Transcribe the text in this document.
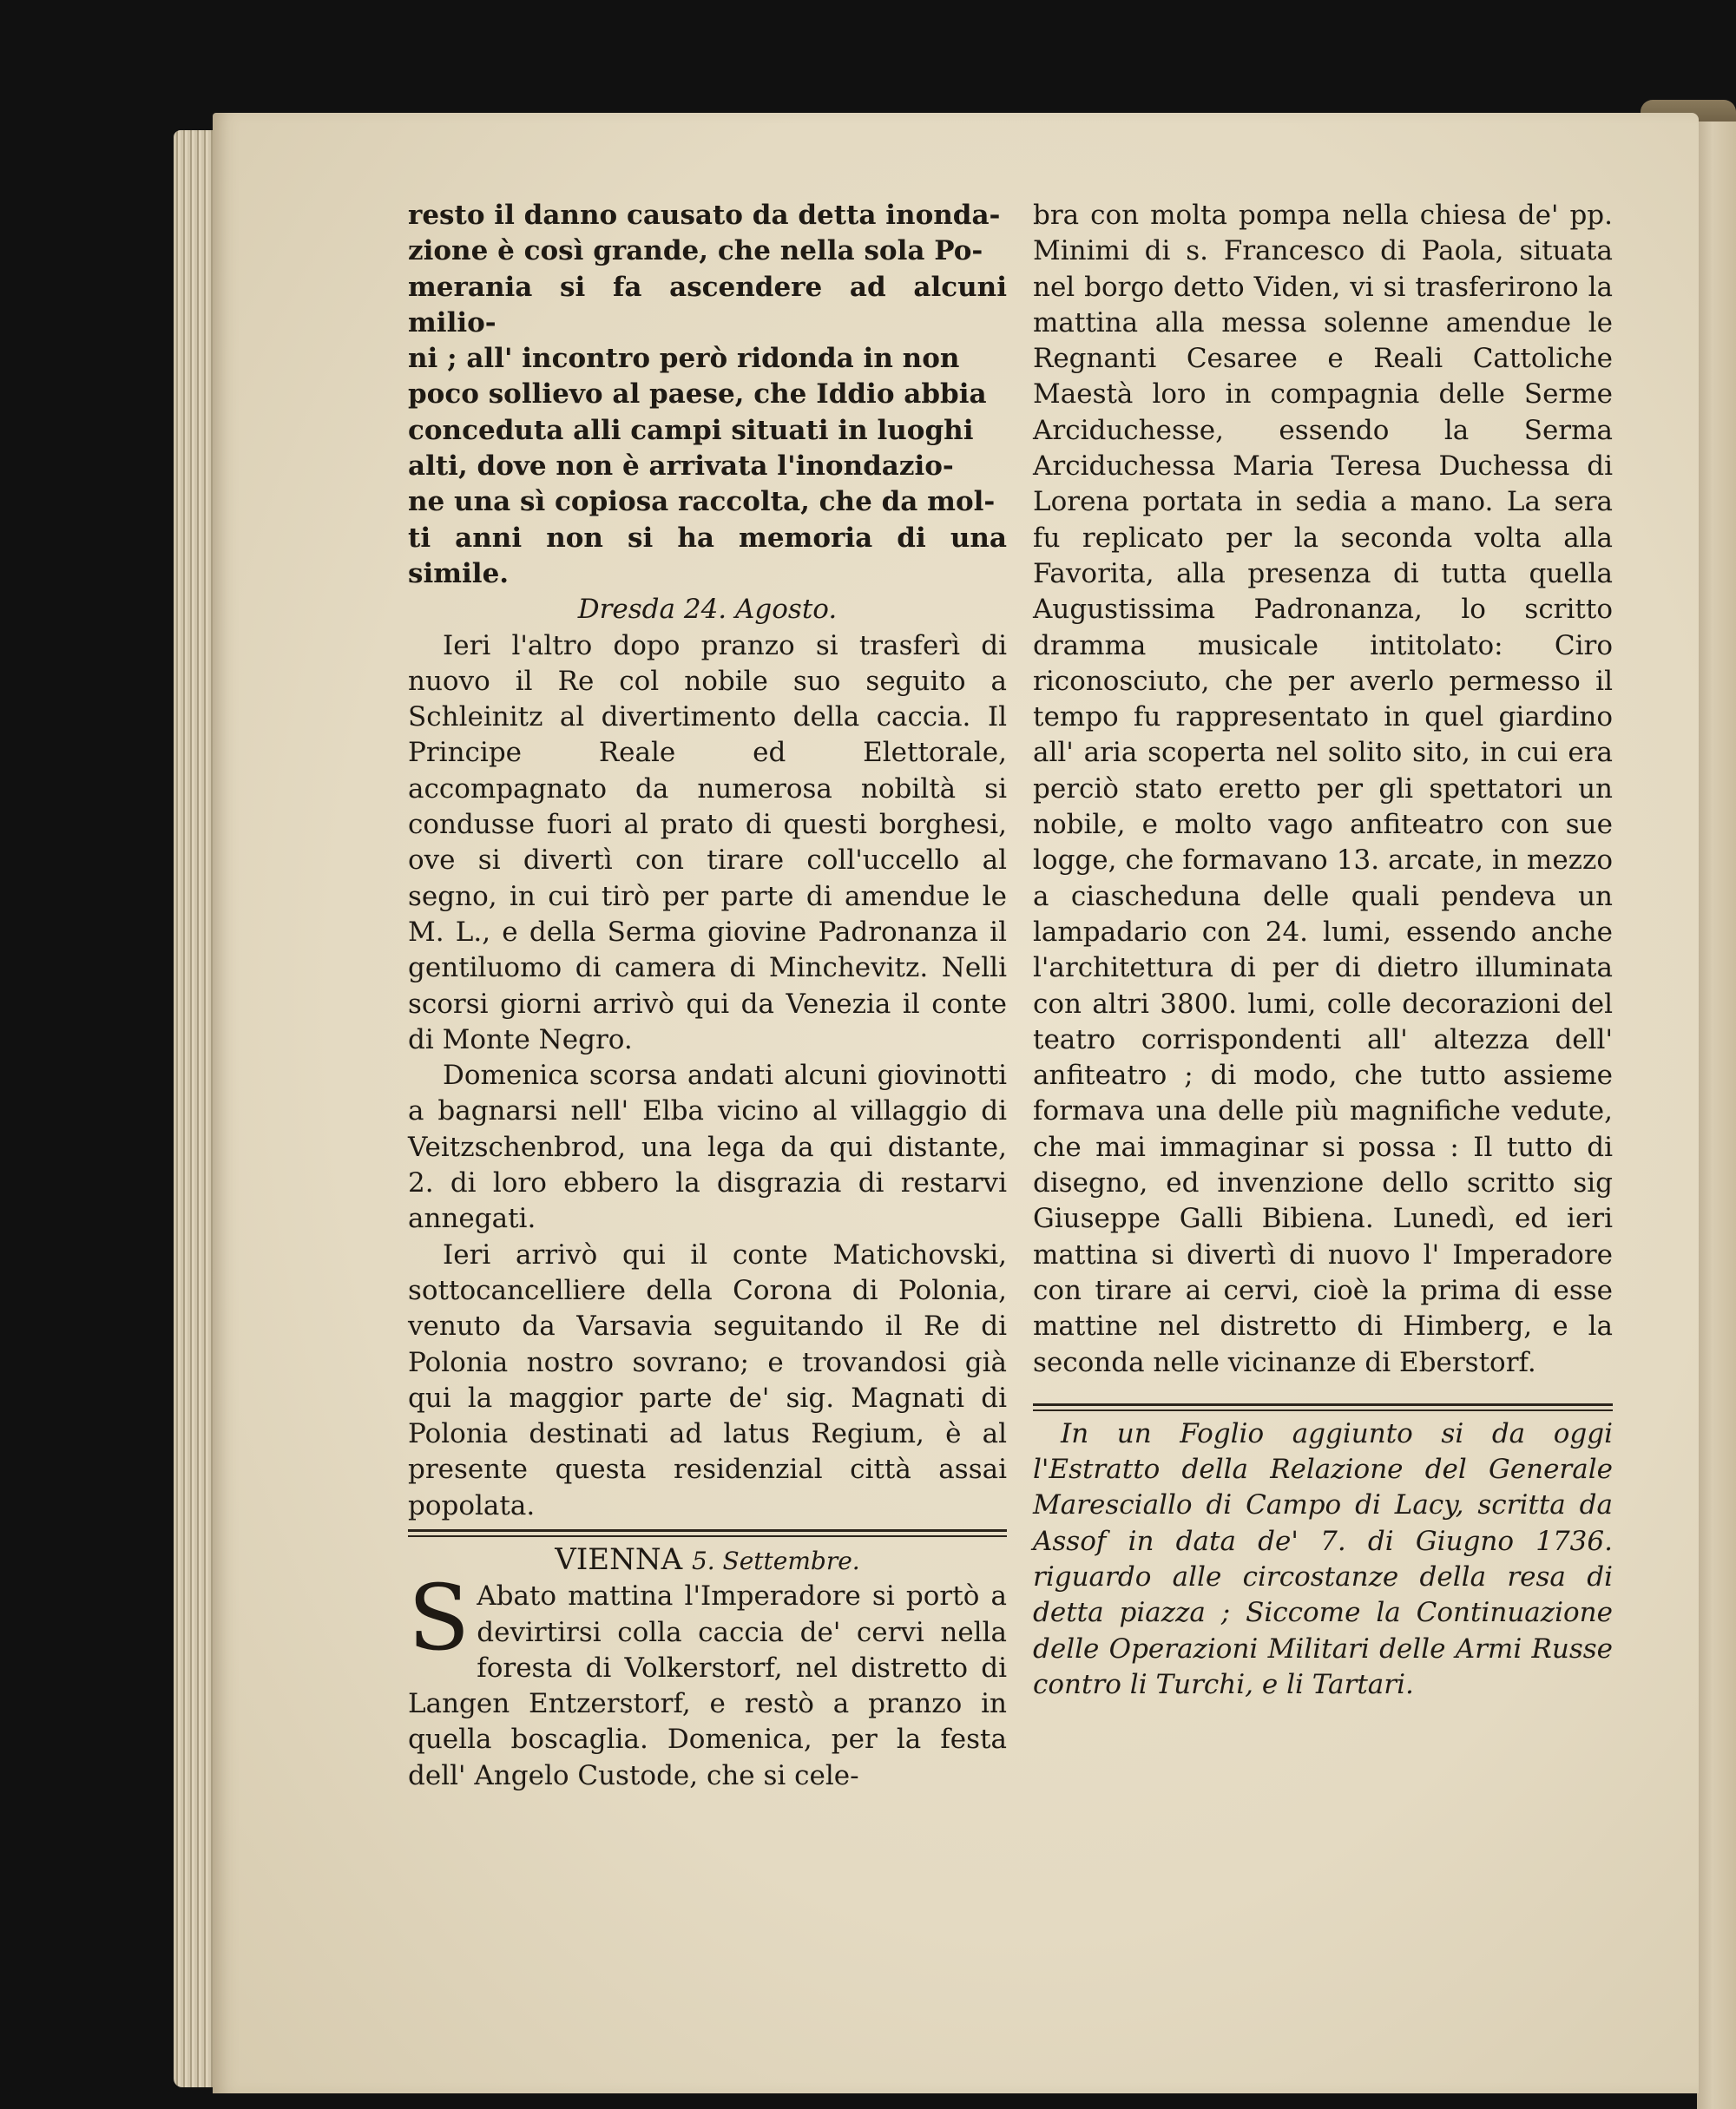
resto il danno causato da detta inonda-

zione è così grande, che nella sola Po-

merania si fa ascendere ad alcuni milio-

ni ; all' incontro però ridonda in non

poco sollievo al paese, che Iddio abbia

conceduta alli campi situati in luoghi

alti, dove non è arrivata l'inondazio-

ne una sì copiosa raccolta, che da mol-

ti anni non si ha memoria di una simile.

Dresda 24. Agosto.

Ieri l'altro dopo pranzo si trasferì di nuovo il Re col nobile suo seguito a Schleinitz al divertimento della caccia. Il Principe Reale ed Elettorale, accompagnato da numerosa nobiltà si condusse fuori al prato di questi borghesi, ove si divertì con tirare coll'uccello al segno, in cui tirò per parte di amendue le M. L., e della Serma giovine Padronanza il gentiluomo di camera di Minchevitz. Nelli scorsi giorni arrivò qui da Venezia il conte di Monte Negro.

Domenica scorsa andati alcuni giovinotti a bagnarsi nell' Elba vicino al villaggio di Veitzschenbrod, una lega da qui distante, 2. di loro ebbero la disgrazia di restarvi annegati.

Ieri arrivò qui il conte Matichovski, sottocancelliere della Corona di Polonia, venuto da Varsavia seguitando il Re di Polonia nostro sovrano; e trovandosi già qui la maggior parte de' sig. Magnati di Polonia destinati ad latus Regium, è al presente questa residenzial città assai popolata.

VIENNA 5. Settembre.

S Abato mattina l'Imperadore si portò a devirtirsi colla caccia de' cervi nella foresta di Volkerstorf, nel distretto di Langen Entzerstorf, e restò a pranzo in quella boscaglia. Domenica, per la festa dell' Angelo Custode, che si cele-

bra con molta pompa nella chiesa de' pp. Minimi di s. Francesco di Paola, situata nel borgo detto Viden, vi si trasferirono la mattina alla messa solenne amendue le Regnanti Cesaree e Reali Cattoliche Maestà loro in compagnia delle Serme Arciduchesse, essendo la Serma Arciduchessa Maria Teresa Duchessa di Lorena portata in sedia a mano. La sera fu replicato per la seconda volta alla Favorita, alla presenza di tutta quella Augustissima Padronanza, lo scritto dramma musicale intitolato: Ciro riconosciuto, che per averlo permesso il tempo fu rappresentato in quel giardino all' aria scoperta nel solito sito, in cui era perciò stato eretto per gli spettatori un nobile, e molto vago anfiteatro con sue logge, che formavano 13. arcate, in mezzo a ciascheduna delle quali pendeva un lampadario con 24. lumi, essendo anche l'architettura di per di dietro illuminata con altri 3800. lumi, colle decorazioni del teatro corrispondenti all' altezza dell' anfiteatro ; di modo, che tutto assieme formava una delle più magnifiche vedute, che mai immaginar si possa : Il tutto di disegno, ed invenzione dello scritto sig Giuseppe Galli Bibiena. Lunedì, ed ieri mattina si divertì di nuovo l' Imperadore con tirare ai cervi, cioè la prima di esse mattine nel distretto di Himberg, e la seconda nelle vicinanze di Eberstorf.

In un Foglio aggiunto si da oggi l'Estratto della Relazione del Generale Maresciallo di Campo di Lacy, scritta da Assof in data de' 7. di Giugno 1736. riguardo alle circostanze della resa di detta piazza ; Siccome la Continuazione delle Operazioni Militari delle Armi Russe contro li Turchi, e li Tartari.
